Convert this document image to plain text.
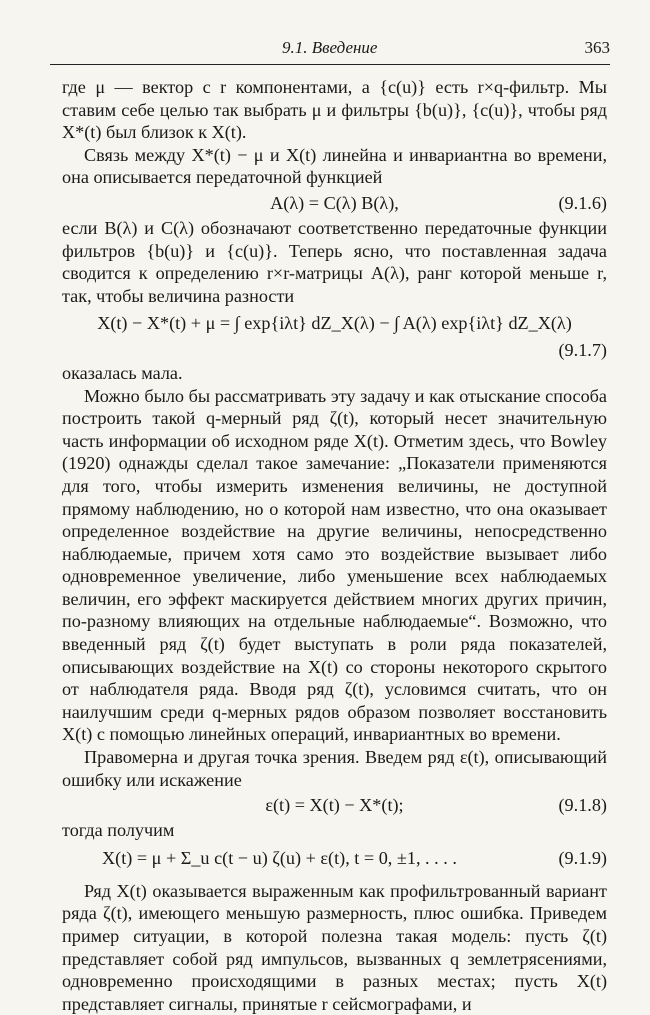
9.1. Введение	363

где μ — вектор с r компонентами, а {c(u)} есть r×q-фильтр. Мы ставим себе целью так выбрать μ и фильтры {b(u)}, {c(u)}, чтобы ряд X*(t) был близок к X(t).

Связь между X*(t) − μ и X(t) линейна и инвариантна во времени, она описывается передаточной функцией

A(λ) = C(λ) B(λ),	(9.1.6)

если B(λ) и C(λ) обозначают соответственно передаточные функции фильтров {b(u)} и {c(u)}. Теперь ясно, что поставленная задача сводится к определению r×r-матрицы A(λ), ранг которой меньше r, так, чтобы величина разности

X(t) − X*(t) + μ = ∫ exp{iλt} dZ_X(λ) − ∫ A(λ) exp{iλt} dZ_X(λ)
(9.1.7)

оказалась мала.

Можно было бы рассматривать эту задачу и как отыскание способа построить такой q-мерный ряд ζ(t), который несет значительную часть информации об исходном ряде X(t). Отметим здесь, что Bowley (1920) однажды сделал такое замечание: „Показатели применяются для того, чтобы измерить изменения величины, не доступной прямому наблюдению, но о которой нам известно, что она оказывает определенное воздействие на другие величины, непосредственно наблюдаемые, причем хотя само это воздействие вызывает либо одновременное увеличение, либо уменьшение всех наблюдаемых величин, его эффект маскируется действием многих других причин, по-разному влияющих на отдельные наблюдаемые“. Возможно, что введенный ряд ζ(t) будет выступать в роли ряда показателей, описывающих воздействие на X(t) со стороны некоторого скрытого от наблюдателя ряда. Вводя ряд ζ(t), условимся считать, что он наилучшим среди q-мерных рядов образом позволяет восстановить X(t) с помощью линейных операций, инвариантных во времени.

Правомерна и другая точка зрения. Введем ряд ε(t), описывающий ошибку или искажение

ε(t) = X(t) − X*(t);	(9.1.8)

тогда получим

X(t) = μ + Σ_u c(t − u) ζ(u) + ε(t), t = 0, ±1, . . . .	(9.1.9)

Ряд X(t) оказывается выраженным как профильтрованный вариант ряда ζ(t), имеющего меньшую размерность, плюс ошибка. Приведем пример ситуации, в которой полезна такая модель: пусть ζ(t) представляет собой ряд импульсов, вызванных q землетрясениями, одновременно происходящими в разных местах; пусть X(t) представляет сигналы, принятые r сейсмографами, и
